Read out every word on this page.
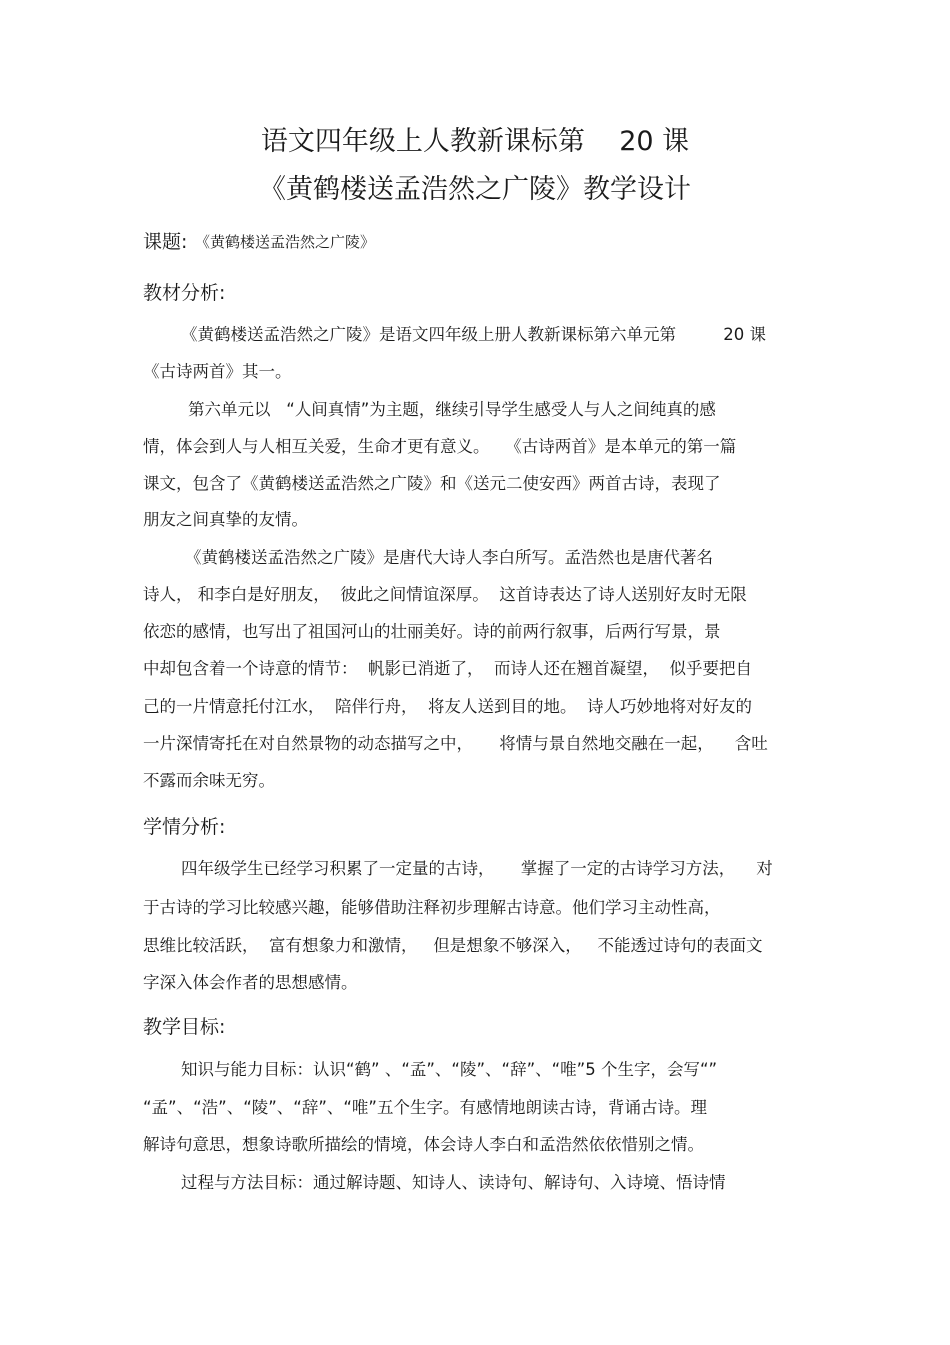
语文四年级上人教新课标第    20 课
《黄鹤楼送孟浩然之广陵》教学设计
课题: 《黄鹤楼送孟浩然之广陵》
教材分析:
《黄鹤楼送孟浩然之广陵》是语文四年级上册人教新课标第六单元第         20 课
《古诗两首》其一。
第六单元以   “人间真情”为主题，继续引导学生感受人与人之间纯真的感
情，体会到人与人相互关爱，生命才更有意义。   《古诗两首》是本单元的第一篇
课文，包含了《黄鹤楼送孟浩然之广陵》和《送元二使安西》两首古诗，表现了
朋友之间真挚的友情。
《黄鹤楼送孟浩然之广陵》是唐代大诗人李白所写。孟浩然也是唐代著名
诗人， 和李白是好朋友，  彼此之间情谊深厚。  这首诗表达了诗人送别好友时无限
依恋的感情，也写出了祖国河山的壮丽美好。诗的前两行叙事，后两行写景，景
中却包含着一个诗意的情节：  帆影已消逝了，  而诗人还在翘首凝望，  似乎要把自
己的一片情意托付江水，  陪伴行舟，  将友人送到目的地。  诗人巧妙地将对好友的
一片深情寄托在对自然景物的动态描写之中，     将情与景自然地交融在一起，    含吐
不露而余味无穷。
学情分析:
四年级学生已经学习积累了一定量的古诗，     掌握了一定的古诗学习方法，    对
于古诗的学习比较感兴趣，能够借助注释初步理解古诗意。他们学习主动性高，
思维比较活跃，  富有想象力和激情，   但是想象不够深入，   不能透过诗句的表面文
字深入体会作者的思想感情。
教学目标:
知识与能力目标：认识“鹤” 、“孟”、“陵”、“辞”、“唯”5 个生字，会写“”
“孟”、“浩”、“陵”、“辞”、“唯”五个生字。有感情地朗读古诗，背诵古诗。理
解诗句意思，想象诗歌所描绘的情境，体会诗人李白和孟浩然依依惜别之情。
过程与方法目标：通过解诗题、知诗人、读诗句、解诗句、入诗境、悟诗情
